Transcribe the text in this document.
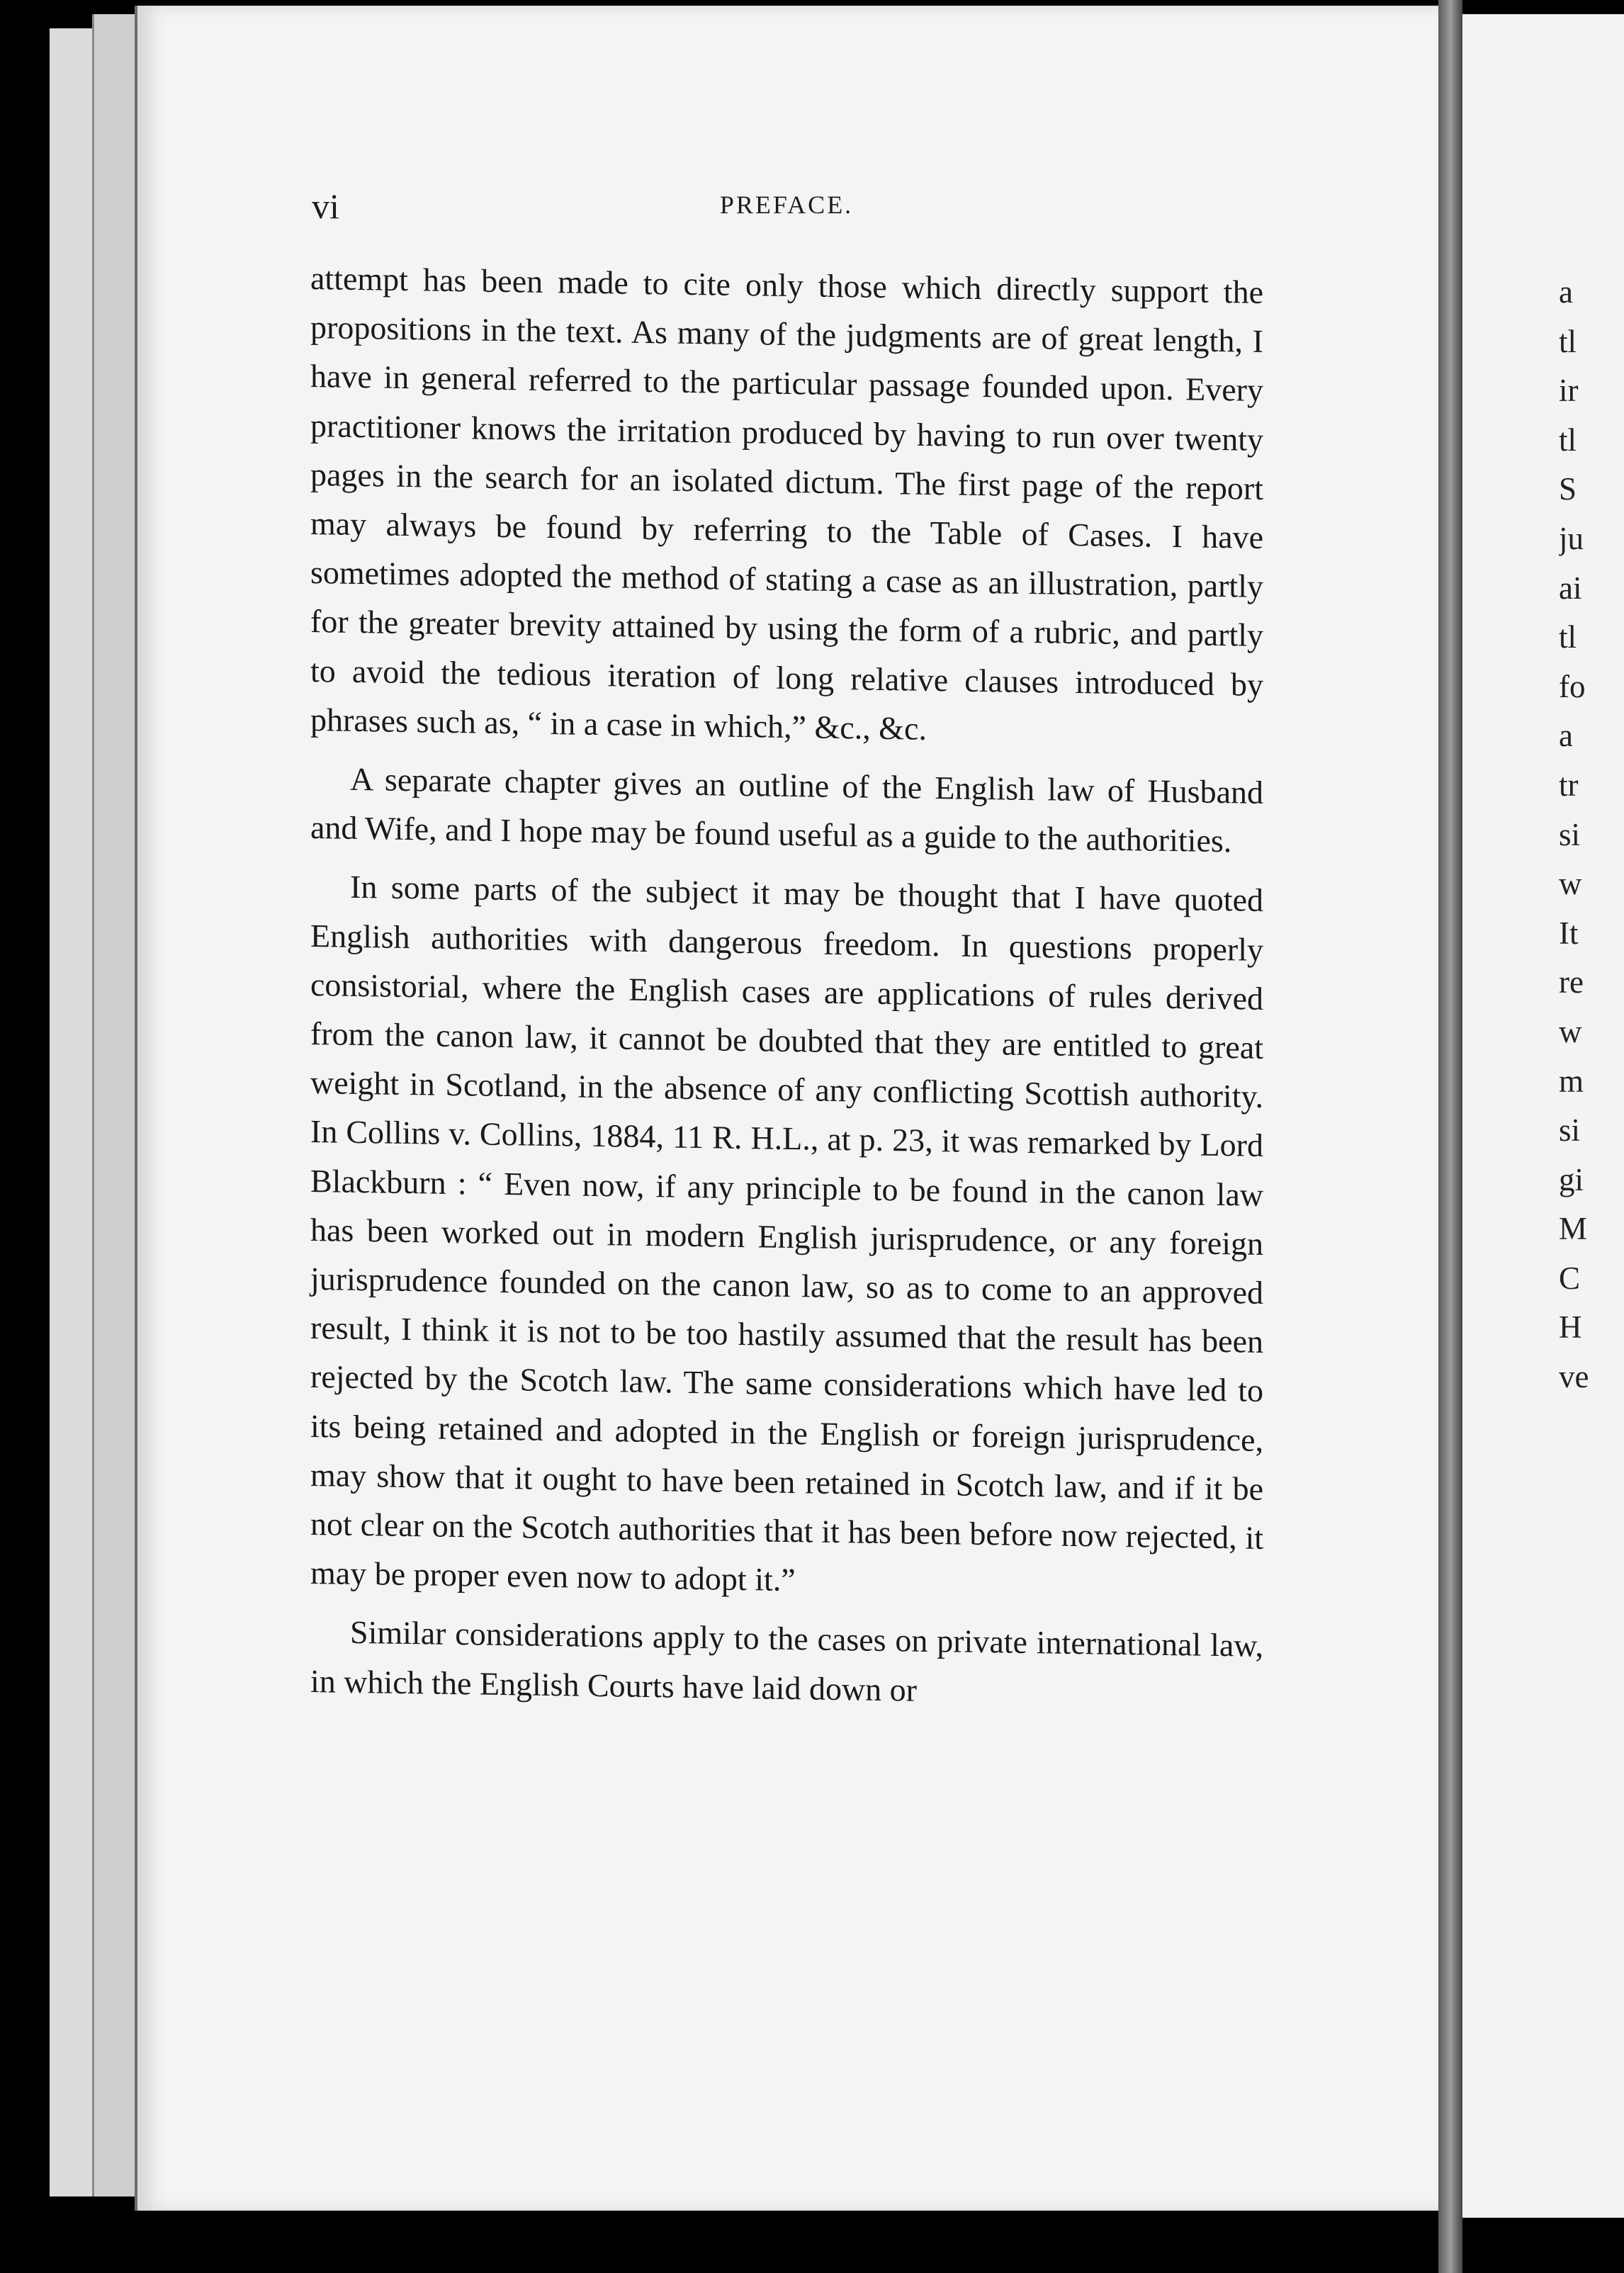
vi	PREFACE.

attempt has been made to cite only those which directly support the propositions in the text. As many of the judgments are of great length, I have in general referred to the particular passage founded upon. Every practitioner knows the irritation produced by having to run over twenty pages in the search for an isolated dictum. The first page of the report may always be found by referring to the Table of Cases. I have sometimes adopted the method of stating a case as an illustration, partly for the greater brevity attained by using the form of a rubric, and partly to avoid the tedious iteration of long relative clauses introduced by phrases such as, “ in a case in which,” &c., &c.

A separate chapter gives an outline of the English law of Husband and Wife, and I hope may be found useful as a guide to the authorities.

In some parts of the subject it may be thought that I have quoted English authorities with dangerous freedom. In questions properly consistorial, where the English cases are applications of rules derived from the canon law, it cannot be doubted that they are entitled to great weight in Scotland, in the absence of any conflicting Scottish authority. In Collins v. Collins, 1884, 11 R. H.L., at p. 23, it was remarked by Lord Blackburn : “ Even now, if any principle to be found in the canon law has been worked out in modern English jurisprudence, or any foreign jurisprudence founded on the canon law, so as to come to an approved result, I think it is not to be too hastily assumed that the result has been rejected by the Scotch law. The same considerations which have led to its being retained and adopted in the English or foreign jurisprudence, may show that it ought to have been retained in Scotch law, and if it be not clear on the Scotch authorities that it has been before now rejected, it may be proper even now to adopt it.”

Similar considerations apply to the cases on private international law, in which the English Courts have laid down or

a
tl
ir
tl
S
ju
ai
tl
fo
a
tr
si
w
It
re
w
m
si
gi
M
C
H
ve
